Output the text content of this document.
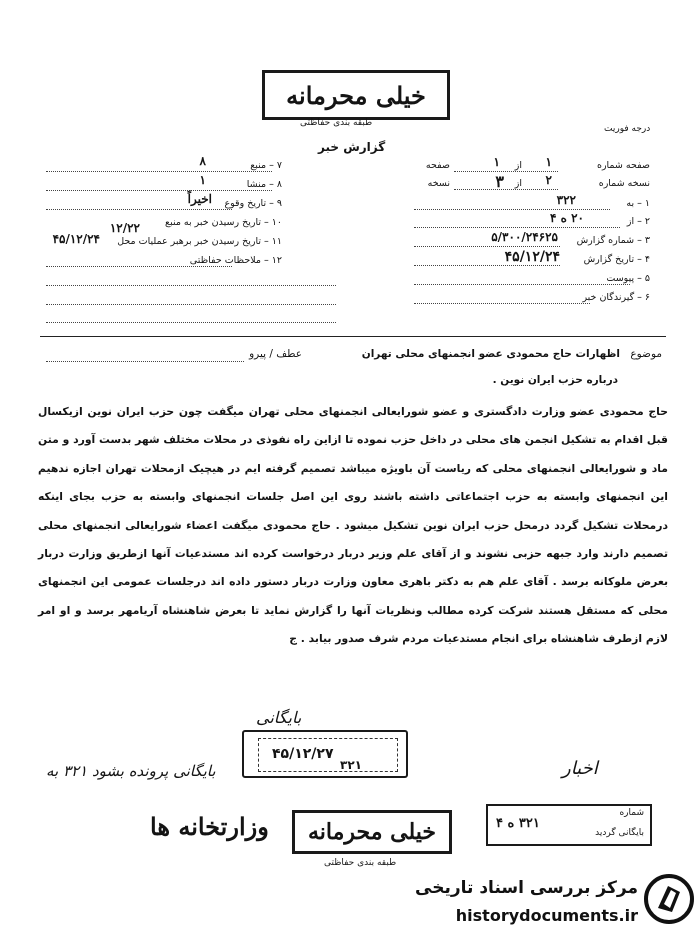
خیلی محرمانه
طبقه بندی حفاظتی
درجه فوریت
گزارش خبر
صفحه شماره
۱
از
۱
صفحه
نسخه شماره
۲
از
۳
نسخه
۱ – به
۳۲۲
۲ – از
۲۰ ه ۴
۳ – شماره گزارش
۵/۳۰۰/۲۴۶۲۵
۴ – تاریخ گزارش
۴۵/۱۲/۲۴
۵ – پیوست
۶ – گیرندگان خبر
۷ – منبع
۸
۸ – منشا
۱
۹ – تاریخ وقوع
اخیراً
۱۰ – تاریخ رسیدن خبر به منبع
۱۲/۲۲
۱۱ – تاریخ رسیدن خبر برهبر عملیات محل
۴۵/۱۲/۲۴
۱۲ – ملاحظات حفاظتی
موضوع
اظهارات حاج محمودی عضو انجمنهای محلی تهران
عطف / پیرو
درباره حزب ایران نوین .
حاج محمودی عضو وزارت دادگستری و عضو شورایعالی انجمنهای محلی تهران میگفت چون حزب ایران نوین ازیکسال قبل اقدام به تشکیل انجمن های محلی در داخل حزب نموده تا ازاین راه نفوذی در محلات مختلف شهر بدست آورد و متن ماد و شورایعالی انجمنهای محلی که ریاست آن باویژه میباشد تصمیم گرفته ایم در هیچیک ازمحلات تهران اجازه ندهیم این انجمنهای وابسته به حزب اجتماعاتی داشته باشند روی این اصل جلسات انجمنهای وابسته به حزب بجای اینکه درمحلات تشکیل گردد درمحل حزب ایران نوین تشکیل میشود . حاج محمودی میگفت اعضاء شورایعالی انجمنهای محلی تصمیم دارند وارد جبهه حزبی نشوند و از آقای علم وزیر دربار درخواست کرده اند مستدعیات آنها ازطریق وزارت دربار بعرض ملوکانه برسد . آقای علم هم به دکتر باهری معاون وزارت دربار دستور داده اند درجلسات عمومی این انجمنهای محلی که مستقل هستند شرکت کرده مطالب ونظریات آنها را گزارش نماید تا بعرض شاهنشاه آریامهر برسد و او امر لازم ازطرف شاهنشاه برای انجام مستدعیات مردم شرف صدور بیابد . ج
بایگانی
بایگانی پرونده بشود ۳۲۱ به	اخبار
۴۵/۱۲/۲۷
۳۲۱
شماره
بایگانی گردید
۳۲۱ ه ۴
وزارتخانه ها خیلی محرمانه
طبقه بندی حفاظتی
مرکز بررسی اسناد تاریخی
historydocuments.ir
